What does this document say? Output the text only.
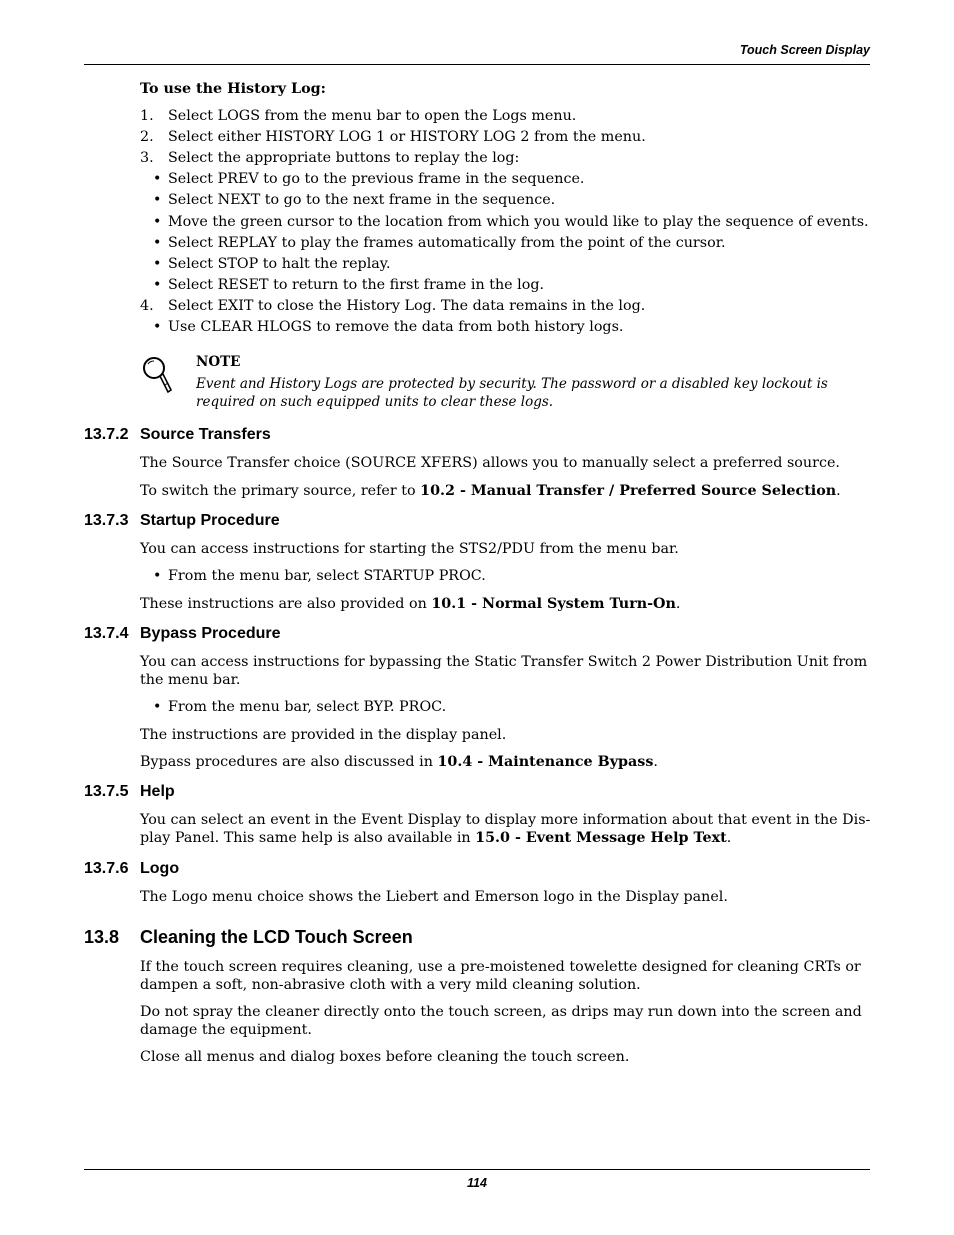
Touch Screen Display
To use the History Log:
1. Select LOGS from the menu bar to open the Logs menu.
2. Select either HISTORY LOG 1 or HISTORY LOG 2 from the menu.
3. Select the appropriate buttons to replay the log:
• Select PREV to go to the previous frame in the sequence.
• Select NEXT to go to the next frame in the sequence.
• Move the green cursor to the location from which you would like to play the sequence of events.
• Select REPLAY to play the frames automatically from the point of the cursor.
• Select STOP to halt the replay.
• Select RESET to return to the first frame in the log.
4. Select EXIT to close the History Log. The data remains in the log.
• Use CLEAR HLOGS to remove the data from both history logs.
NOTE
Event and History Logs are protected by security. The password or a disabled key lockout is required on such equipped units to clear these logs.
13.7.2 Source Transfers
The Source Transfer choice (SOURCE XFERS) allows you to manually select a preferred source.
To switch the primary source, refer to 10.2 - Manual Transfer / Preferred Source Selection.
13.7.3 Startup Procedure
You can access instructions for starting the STS2/PDU from the menu bar.
• From the menu bar, select STARTUP PROC.
These instructions are also provided on 10.1 - Normal System Turn-On.
13.7.4 Bypass Procedure
You can access instructions for bypassing the Static Transfer Switch 2 Power Distribution Unit from the menu bar.
• From the menu bar, select BYP. PROC.
The instructions are provided in the display panel.
Bypass procedures are also discussed in 10.4 - Maintenance Bypass.
13.7.5 Help
You can select an event in the Event Display to display more information about that event in the Dis-
play Panel. This same help is also available in 15.0 - Event Message Help Text.
13.7.6 Logo
The Logo menu choice shows the Liebert and Emerson logo in the Display panel.
13.8 Cleaning the LCD Touch Screen
If the touch screen requires cleaning, use a pre-moistened towelette designed for cleaning CRTs or dampen a soft, non-abrasive cloth with a very mild cleaning solution.
Do not spray the cleaner directly onto the touch screen, as drips may run down into the screen and damage the equipment.
Close all menus and dialog boxes before cleaning the touch screen.
114
